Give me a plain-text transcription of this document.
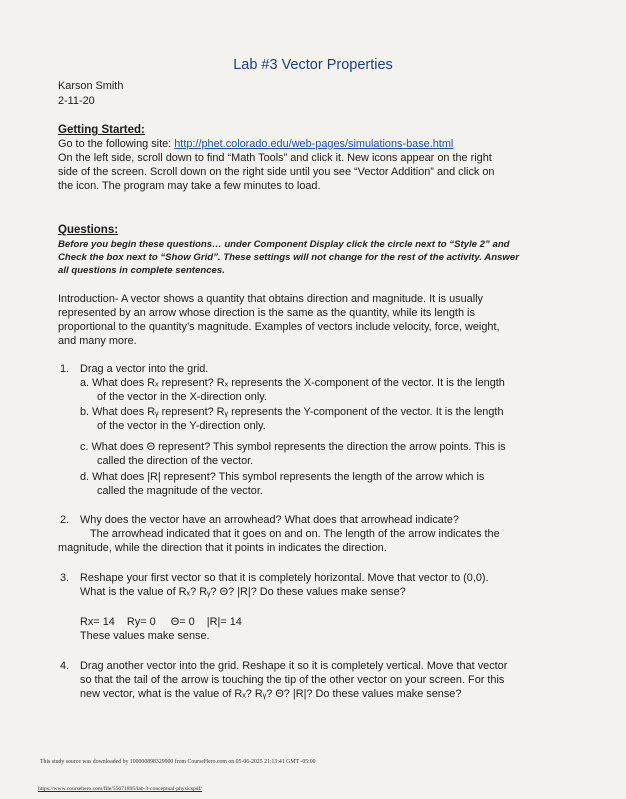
Lab #3 Vector Properties
Karson Smith
2-11-20
Getting Started:
Go to the following site: http://phet.colorado.edu/web-pages/simulations-base.html
On the left side, scroll down to find “Math Tools” and click it. New icons appear on the right
side of the screen. Scroll down on the right side until you see “Vector Addition” and click on
the icon. The program may take a few minutes to load.
Questions:
Before you begin these questions… under Component Display click the circle next to “Style 2” and
Check the box next to “Show Grid”. These settings will not change for the rest of the activity. Answer
all questions in complete sentences.
Introduction- A vector shows a quantity that obtains direction and magnitude. It is usually
represented by an arrow whose direction is the same as the quantity, while its length is
proportional to the quantity’s magnitude. Examples of vectors include velocity, force, weight,
and many more.
1. Drag a vector into the grid.
a. What does Rₓ represent? Rₓ represents the X-component of the vector. It is the length
of the vector in the X-direction only.
b. What does Rᵧ represent? Rᵧ represents the Y-component of the vector. It is the length
of the vector in the Y-direction only.
c. What does Θ represent? This symbol represents the direction the arrow points. This is
called the direction of the vector.
d. What does |R| represent? This symbol represents the length of the arrow which is
called the magnitude of the vector.
2. Why does the vector have an arrowhead? What does that arrowhead indicate?
The arrowhead indicated that it goes on and on. The length of the arrow indicates the
magnitude, while the direction that it points in indicates the direction.
3. Reshape your first vector so that it is completely horizontal. Move that vector to (0,0).
What is the value of Rₓ? Rᵧ? Θ? |R|? Do these values make sense?
Rx= 14    Ry= 0     Θ= 0    |R|= 14
These values make sense.
4. Drag another vector into the grid. Reshape it so it is completely vertical. Move that vector
so that the tail of the arrow is touching the tip of the other vector on your screen. For this
new vector, what is the value of Rₓ? Rᵧ? Θ? |R|? Do these values make sense?
This study source was downloaded by 100000898329900 from CourseHero.com on 05-06-2025 21:13:41 GMT -05:00
https://www.coursehero.com/file/55671895/lab-3-conceptual-physicspdf/
